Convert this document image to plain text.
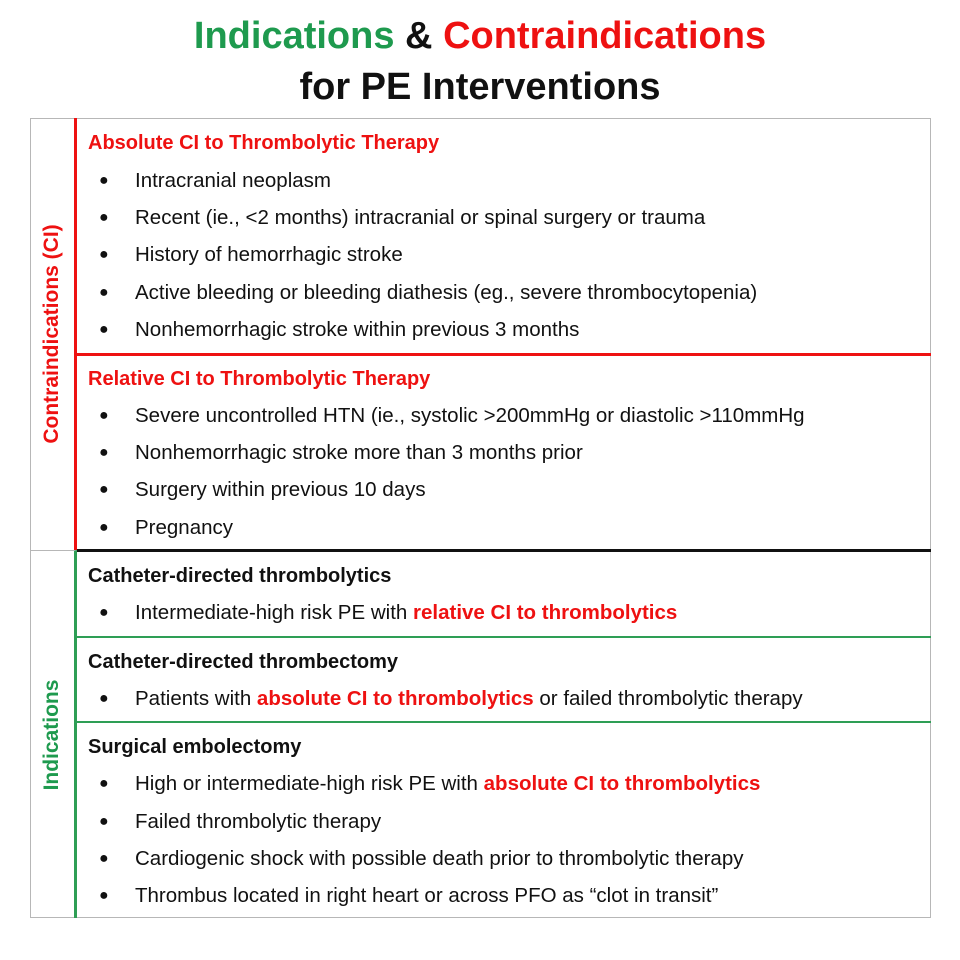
Indications & Contraindications
for PE Interventions
Contraindications (CI)
Indications
Absolute CI to Thrombolytic Therapy
● Intracranial neoplasm
● Recent (ie., <2 months) intracranial or spinal surgery or trauma
● History of hemorrhagic stroke
● Active bleeding or bleeding diathesis (eg., severe thrombocytopenia)
● Nonhemorrhagic stroke within previous 3 months
Relative CI to Thrombolytic Therapy
● Severe uncontrolled HTN (ie., systolic >200mmHg or diastolic >110mmHg
● Nonhemorrhagic stroke more than 3 months prior
● Surgery within previous 10 days
● Pregnancy
Catheter-directed thrombolytics
● Intermediate-high risk PE with relative CI to thrombolytics
Catheter-directed thrombectomy
● Patients with absolute CI to thrombolytics or failed thrombolytic therapy
Surgical embolectomy
● High or intermediate-high risk PE with absolute CI to thrombolytics
● Failed thrombolytic therapy
● Cardiogenic shock with possible death prior to thrombolytic therapy
● Thrombus located in right heart or across PFO as “clot in transit”
